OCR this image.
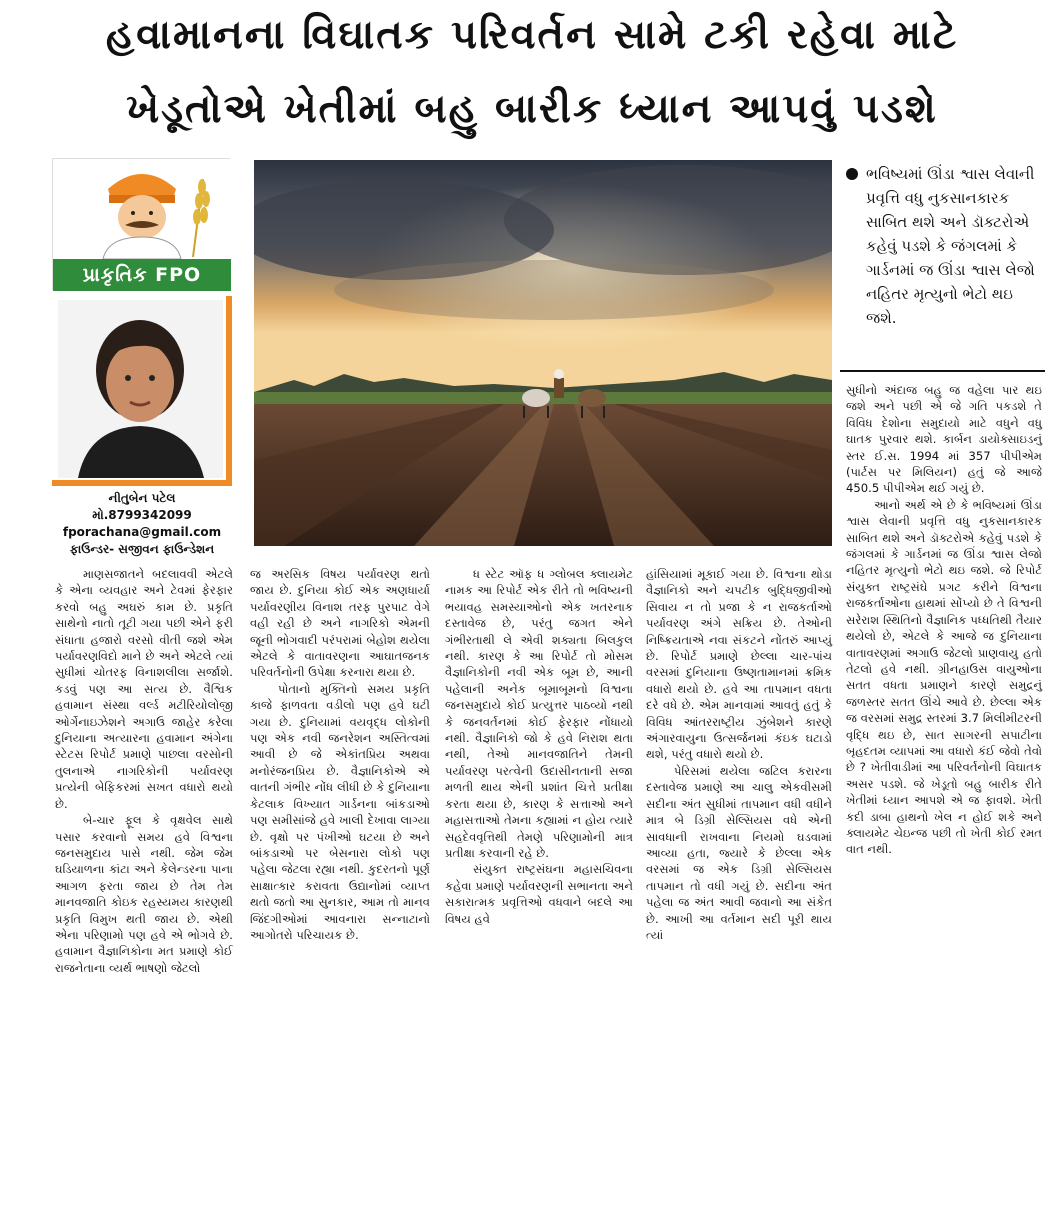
હવામાનના વિઘાતક પરિવર્તન સામે ટકી રહેવા માટે
ખેડૂતોએ ખેતીમાં બહુ બારીક ધ્યાન આપવું પડશે
પ્રાકૃતિક FPO
નીતુબેન પટેલ
મો.8799342099
fporachana@gmail.com
ફાઉન્ડર- સજીવન ફાઉન્ડેશન
ભવિષ્યમાં ઊંડા શ્વાસ લેવાની પ્રવૃત્તિ વધુ નુકસાનકારક સાબિત થશે અને ડૉક્ટરોએ કહેવું પડશે કે જંગલમાં કે ગાર્ડનમાં જ ઊંડા શ્વાસ લેજો નહિતર મૃત્યુનો ભેટો થઇ જશે.

માણસજાતને બદલાવવી એટલે કે એના વ્યવહાર અને ટેવમાં ફેરફાર કરવો બહુ અઘરું કામ છે. પ્રકૃતિ સાથેનો નાતો તૂટી ગયા પછી એને ફરી સંધાતા હજારો વરસો વીતી જશે એમ પર્યાવરણવિદો માને છે અને એટલે ત્યાં સુધીમાં ચોતરફ વિનાશલીલા સર્જાશે. કડવું પણ આ સત્ય છે. વૈશ્વિક હવામાન સંસ્થા વર્લ્ડ મટીરિયોલોજી ઓર્ગેનાઇઝેશને અગાઉ જાહેર કરેલા દુનિયાના અત્યારના હવામાન અંગેના સ્ટેટસ રિપોર્ટ પ્રમાણે પાછલા વરસોની તુલનાએ નાગરિકોની પર્યાવરણ પ્રત્યેની બેફિકરમાં સખત વધારો થયો છે.

બે-ચાર ફૂલ કે વૃક્ષવેલ સાથે પસાર કરવાનો સમય હવે વિશ્વના જનસમુદાય પાસે નથી. જેમ જેમ ઘડિયાળના કાંટા અને કેલેન્ડરના પાના આગળ ફરતા જાય છે તેમ તેમ માનવજાતિ કોઇક રહસ્યમય કારણથી પ્રકૃતિ વિમુખ થતી જાય છે. એથી એના પરિણામો પણ હવે એ ભોગવે છે. હવામાન વૈજ્ઞાનિકોના મત પ્રમાણે કોઈ રાજનેતાના વ્યર્થ ભાષણો જેટલો

જ અરસિક વિષય પર્યાવરણ થતો જાય છે. દુનિયા કોઈ એક અણધાર્યા પર્યાવરણીય વિનાશ તરફ પુરપાટ વેગે વહી રહી છે અને નાગરિકો એમની જૂની ભોગવાદી પરંપરામાં બેહોશ થયેલા એટલે કે વાતાવરણના આઘાતજનક પરિવર્તનોની ઉપેક્ષા કરનારા થયા છે.

પોતાનો મુક્તિનો સમય પ્રકૃતિ કાજે ફાળવતા વડીલો પણ હવે ઘટી ગયા છે. દુનિયામાં વયવૃદ્ધ લોકોની પણ એક નવી જનરેશન અસ્તિત્વમાં આવી છે જે એકાંતપ્રિય અથવા મનોરંજનપ્રિય છે. વૈજ્ઞાનિકોએ એ વાતની ગંભીર નોંધ લીધી છે કે દુનિયાના કેટલાક વિખ્યાત ગાર્ડનના બાંકડાઓ પણ સમીસાંજે હવે ખાલી દેખાવા લાગ્યા છે. વૃક્ષો પર પંખીઓ ઘટયા છે અને બાંકડાઓ પર બેસનારા લોકો પણ પહેલા જેટલા રહ્યા નથી. કુદરતનો પૂર્ણ સાક્ષાત્કાર કરાવતા ઉદ્યાનોમાં વ્યાપ્ત થતો જતો આ સુનકાર, આમ તો માનવ જિંદગીઓમાં આવનારા સન્નાટાનો આગોતરો પરિચાયક છે.

ધ સ્ટેટ ઑફ ધ ગ્લોબલ ક્લાયમેટ નામક આ રિપોર્ટ એક રીતે તો ભવિષ્યની ભયાવહ સમસ્યાઓનો એક ખતરનાક દસ્તાવેજ છે, પરંતુ જગત એને ગંભીરતાથી લે એવી શક્યતા બિલકુલ નથી. કારણ કે આ રિપોર્ટ તો મોસમ વૈજ્ઞાનિકોની નવી એક બૂમ છે, આની પહેલાની અનેક બૂમાબૂમનો વિશ્વના જનસમુદાયે કોઈ પ્રત્યુત્તર પાઠવ્યો નથી કે જનવર્તનમાં કોઈ ફેરફાર નોંધાયો નથી. વૈજ્ઞાનિકો જો કે હવે નિરાશ થતા નથી, તેઓ માનવજાતિને તેમની પર્યાવરણ પરત્વેની ઉદાસીનતાની સજા મળતી થાય એની પ્રશાંત ચિત્તે પ્રતીક્ષા કરતા થયા છે, કારણ કે સત્તાઓ અને મહાસત્તાઓ તેમના કહ્યામાં ન હોય ત્યારે સહદેવવૃત્તિથી તેમણે પરિણામોની માત્ર પ્રતીક્ષા કરવાની રહે છે.

સંયુક્ત રાષ્ટ્રસંઘના મહાસચિવના કહેવા પ્રમાણે પર્યાવરણની સભાનતા અને સકારાત્મક પ્રવૃત્તિઓ વધવાને બદલે આ વિષય હવે

હાંસિયામાં મૂકાઈ ગયા છે. વિશ્વના થોડા વૈજ્ઞાનિકો અને ચપટીક બુદ્ધિજીવીઓ સિવાય ન તો પ્રજા કે ન રાજકર્તાઓ પર્યાવરણ અંગે સક્રિય છે. તેઓની નિષ્ક્રિયતાએ નવા સંકટને નોંતરું આપ્યું છે. રિપોર્ટ પ્રમાણે છેલ્લા ચાર-પાંચ વરસમાં દુનિયાના ઉષ્ણતામાનમાં ક્રમિક વધારો થયો છે. હવે આ તાપમાન વધતા દરે વધે છે. એમ માનવામાં આવતું હતું કે વિવિધ આંતરરાષ્ટ્રીય ઝુંબેશને કારણે અંગારવાયુના ઉત્સર્જનમાં કંઇક ઘટાડો થશે, પરંતુ વધારો થયો છે.

પેરિસમાં થયેલા જટિલ કરારના દસ્તાવેજ પ્રમાણે આ ચાલુ એકવીસમી સદીના અંત સુધીમાં તાપમાન વધી વધીને માત્ર બે ડિગ્રી સેલ્સિયસ વધે એની સાવધાની રાખવાના નિયમો ઘડવામાં આવ્યા હતા, જ્યારે કે છેલ્લા એક વરસમાં જ એક ડિગ્રી સેલ્સિયસ તાપમાન તો વધી ગયું છે. સદીના અંત પહેલા જ અંત આવી જવાનો આ સંકેત છે. આખી આ વર્તમાન સદી પૂરી થાય ત્યાં

સુધીનો અંદાજ બહુ જ વહેલા પાર થઇ જશે અને પછી એ જે ગતિ પકડશે તે વિવિધ દેશોના સમુદાયો માટે વધુને વધુ ઘાતક પુરવાર થશે. કાર્બન ડાયોક્સાઇડનું સ્તર ઈ.સ. 1994 માં 357 પીપીએમ (પાર્ટસ પર મિલિયન) હતું જે આજે 450.5 પીપીએમ થઈ ગયું છે.

આનો અર્થ એ છે કે ભવિષ્યમાં ઊંડા શ્વાસ લેવાની પ્રવૃત્તિ વધુ નુકસાનકારક સાબિત થશે અને ડૉક્ટરોએ કહેવું પડશે કે જંગલમાં કે ગાર્ડનમાં જ ઊંડા શ્વાસ લેજો નહિતર મૃત્યુનો ભેટો થઇ જશે. જે રિપોર્ટ સંયુક્ત રાષ્ટ્રસંઘે પ્રગટ કરીને વિશ્વના રાજકર્તાઓના હાથમાં સોંપ્યો છે તે વિશ્વની સરેરાશ સ્થિતિનો વૈજ્ઞાનિક પધ્ધતિથી તૈયાર થયેલો છે, એટલે કે આજે જ દુનિયાના વાતાવરણમાં અગાઉ જેટલો પ્રાણવાયુ હતો તેટલો હવે નથી. ગ્રીનહાઉસ વાયુઓના સતત વધતા પ્રમાણને કારણે સમુદ્રનું જળસ્તર સતત ઊંચે આવે છે. છેલ્લા એક જ વરસમાં સમુદ્ર સ્તરમાં 3.7 મિલીમીટરની વૃદ્ધિ થઇ છે, સાત સાગરની સપાટીના બૃહદતમ વ્યાપમાં આ વધારો કંઈ જેવો તેવો છે ? ખેતીવાડીમાં આ પરિવર્તનોની વિઘાતક અસર પડશે. જે ખેડૂતો બહુ બારીક રીતે ખેતીમાં ધ્યાન આપશે એ જ ફાવશે. ખેતી કદી ડાબા હાથનો ખેલ ન હોઈ શકે અને ક્લાયમેટ ચેઇન્જ પછી તો ખેતી કોઈ રમત વાત નથી.
